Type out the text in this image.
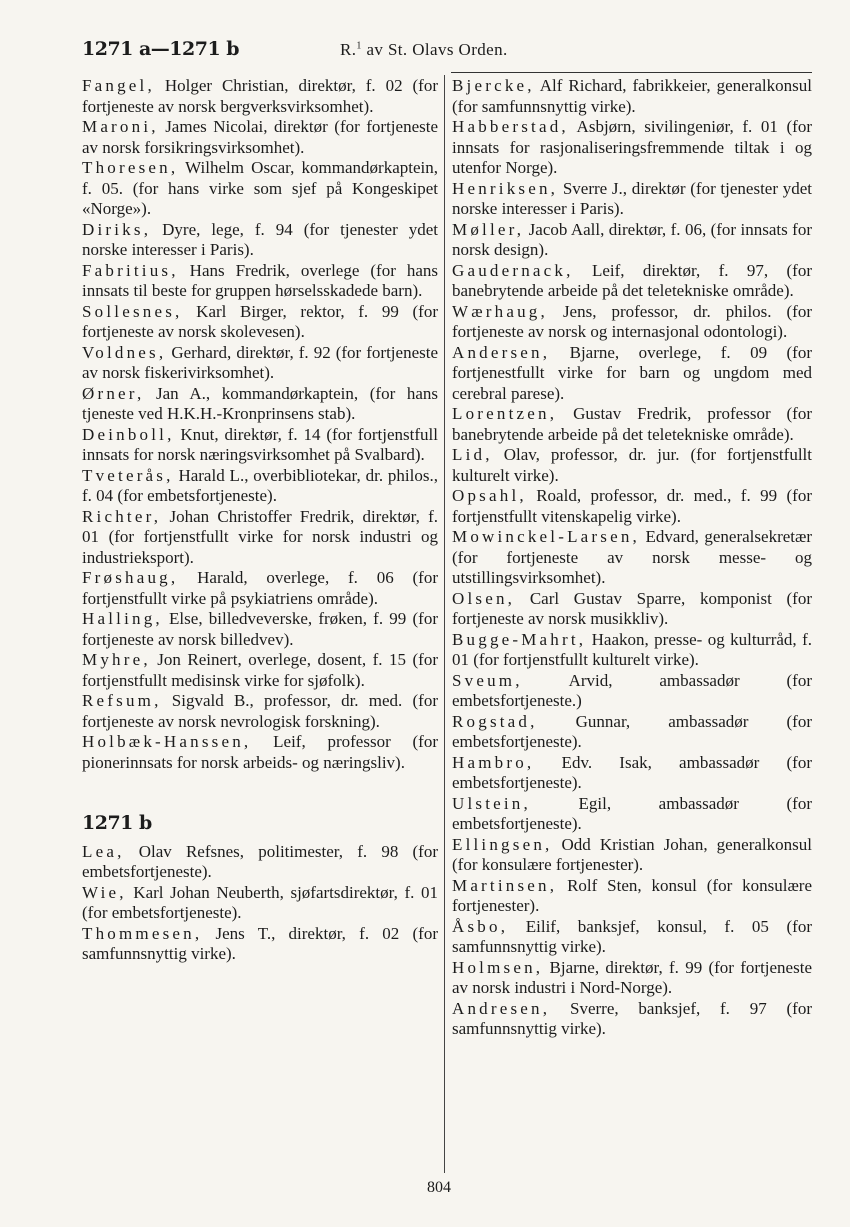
1271 a—1271 b	R.$^1$ av St. Olavs Orden.

Fangel, Holger Christian, direktør, f. 02 (for fortjeneste av norsk bergverksvirksomhet).

Maroni, James Nicolai, direktør (for fortjeneste av norsk forsikringsvirksomhet).

Thoresen, Wilhelm Oscar, kommandørkaptein, f. 05. (for hans virke som sjef på Kongeskipet «Norge»).

Diriks, Dyre, lege, f. 94 (for tjenester ydet norske interesser i Paris).

Fabritius, Hans Fredrik, overlege (for hans innsats til beste for gruppen hørselsskadede barn).

Sollesnes, Karl Birger, rektor, f. 99 (for fortjeneste av norsk skolevesen).

Voldnes, Gerhard, direktør, f. 92 (for fortjeneste av norsk fiskerivirksomhet).

Ørner, Jan A., kommandørkaptein, (for hans tjeneste ved H.K.H.-Kronprinsens stab).

Deinboll, Knut, direktør, f. 14 (for fortjenstfull innsats for norsk næringsvirksomhet på Svalbard).

Tveterås, Harald L., overbibliotekar, dr. philos., f. 04 (for embetsfortjeneste).

Richter, Johan Christoffer Fredrik, direktør, f. 01 (for fortjenstfullt virke for norsk industri og industrieksport).

Frøshaug, Harald, overlege, f. 06 (for fortjenstfullt virke på psykiatriens område).

Halling, Else, billedveverske, frøken, f. 99 (for fortjeneste av norsk billedvev).

Myhre, Jon Reinert, overlege, dosent, f. 15 (for fortjenstfullt medisinsk virke for sjøfolk).

Refsum, Sigvald B., professor, dr. med. (for fortjeneste av norsk nevrologisk forskning).

Holbæk-Hanssen, Leif, professor (for pionerinnsats for norsk arbeids- og næringsliv).

1271 b

Lea, Olav Refsnes, politimester, f. 98 (for embetsfortjeneste).

Wie, Karl Johan Neuberth, sjøfartsdirektør, f. 01 (for embetsfortjeneste).

Thommesen, Jens T., direktør, f. 02 (for samfunnsnyttig virke).

Bjercke, Alf Richard, fabrikkeier, generalkonsul (for samfunnsnyttig virke).

Habberstad, Asbjørn, sivilingeniør, f. 01 (for innsats for rasjonaliseringsfremmende tiltak i og utenfor Norge).

Henriksen, Sverre J., direktør (for tjenester ydet norske interesser i Paris).

Møller, Jacob Aall, direktør, f. 06, (for innsats for norsk design).

Gaudernack, Leif, direktør, f. 97, (for banebrytende arbeide på det teletekniske område).

Wærhaug, Jens, professor, dr. philos. (for fortjeneste av norsk og internasjonal odontologi).

Andersen, Bjarne, overlege, f. 09 (for fortjenestfullt virke for barn og ungdom med cerebral parese).

Lorentzen, Gustav Fredrik, professor (for banebrytende arbeide på det teletekniske område).

Lid, Olav, professor, dr. jur. (for fortjenstfullt kulturelt virke).

Opsahl, Roald, professor, dr. med., f. 99 (for fortjenstfullt vitenskapelig virke).

Mowinckel-Larsen, Edvard, generalsekretær (for fortjeneste av norsk messe- og utstillingsvirksomhet).

Olsen, Carl Gustav Sparre, komponist (for fortjeneste av norsk musikkliv).

Bugge-Mahrt, Haakon, presse- og kulturråd, f. 01 (for fortjenstfullt kulturelt virke).

Sveum, Arvid, ambassadør (for embetsfortjeneste.)

Rogstad, Gunnar, ambassadør (for embetsfortjeneste).

Hambro, Edv. Isak, ambassadør (for embetsfortjeneste).

Ulstein, Egil, ambassadør (for embetsfortjeneste).

Ellingsen, Odd Kristian Johan, generalkonsul (for konsulære fortjenester).

Martinsen, Rolf Sten, konsul (for konsulære fortjenester).

Åsbo, Eilif, banksjef, konsul, f. 05 (for samfunnsnyttig virke).

Holmsen, Bjarne, direktør, f. 99 (for fortjeneste av norsk industri i Nord-Norge).

Andresen, Sverre, banksjef, f. 97 (for samfunnsnyttig virke).

804
